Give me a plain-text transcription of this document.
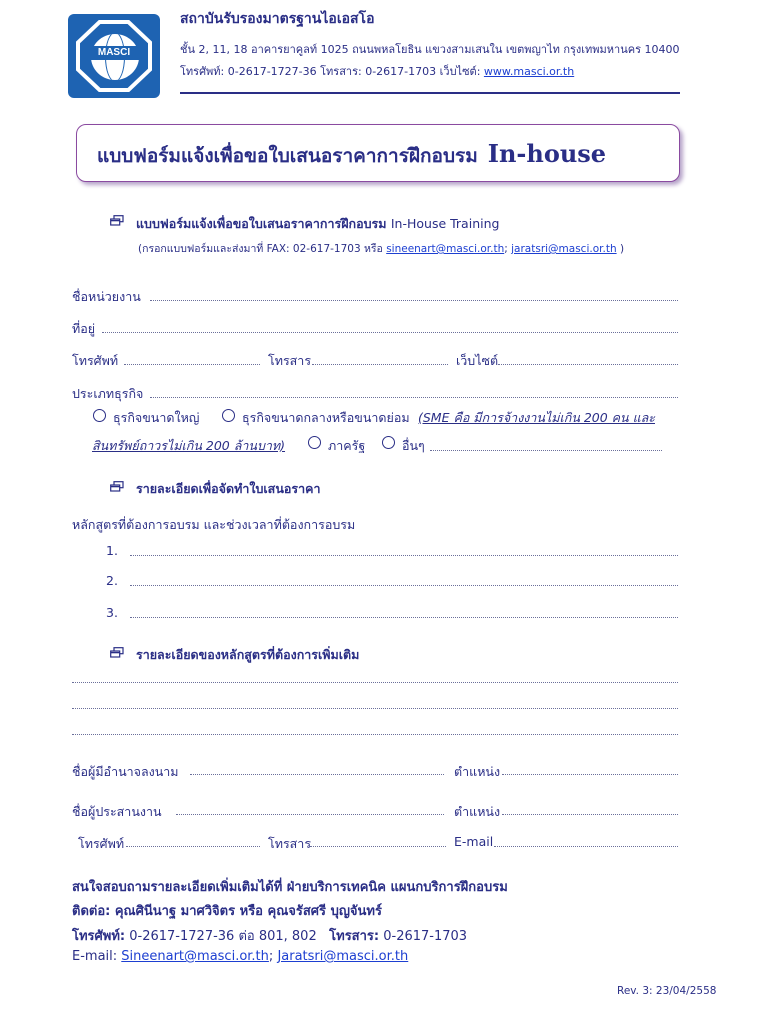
MASCI
สถาบันรับรองมาตรฐานไอเอสโอ
ชั้น 2, 11, 18 อาคารยาคูลท์ 1025 ถนนพหลโยธิน แขวงสามเสนใน เขตพญาไท กรุงเทพมหานคร 10400
โทรศัพท์: 0-2617-1727-36 โทรสาร: 0-2617-1703 เว็บไซต์: www.masci.or.th
แบบฟอร์มแจ้งเพื่อขอใบเสนอราคาการฝึกอบรม In-house
แบบฟอร์มแจ้งเพื่อขอใบเสนอราคาการฝึกอบรม In-House Training
(กรอกแบบฟอร์มและส่งมาที่ FAX: 02-617-1703 หรือ sineenart@masci.or.th; jaratsri@masci.or.th )
ชื่อหน่วยงาน
ที่อยู่
โทรศัพท์	โทรสาร	เว็บไซต์
ประเภทธุรกิจ
ธุรกิจขนาดใหญ่	ธุรกิจขนาดกลางหรือขนาดย่อม (SME คือ มีการจ้างงานไม่เกิน 200 คน และ
สินทรัพย์ถาวรไม่เกิน 200 ล้านบาท)	ภาครัฐ	อื่นๆ
รายละเอียดเพื่อจัดทำใบเสนอราคา
หลักสูตรที่ต้องการอบรม และช่วงเวลาที่ต้องการอบรม
1.
2.
3.
รายละเอียดของหลักสูตรที่ต้องการเพิ่มเติม
ชื่อผู้มีอำนาจลงนาม	ตำแหน่ง
ชื่อผู้ประสานงาน	ตำแหน่ง
โทรศัพท์	โทรสาร	E-mail
สนใจสอบถามรายละเอียดเพิ่มเติมได้ที่ ฝ่ายบริการเทคนิค แผนกบริการฝึกอบรม
ติดต่อ: คุณศินีนาฐ มาศวิจิตร หรือ คุณจรัสศรี บุญจันทร์
โทรศัพท์: 0-2617-1727-36 ต่อ 801, 802 โทรสาร: 0-2617-1703
E-mail: Sineenart@masci.or.th; Jaratsri@masci.or.th
Rev. 3: 23/04/2558
